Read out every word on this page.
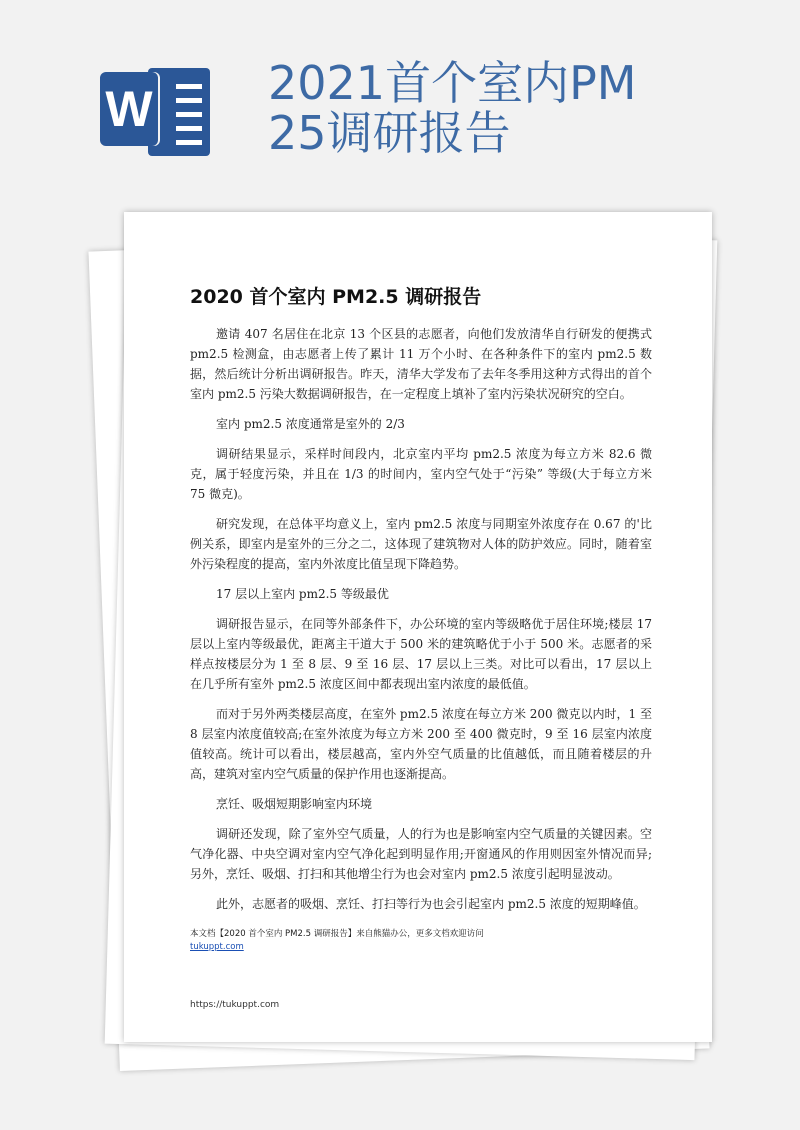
W	2021首个室内PM
25调研报告
2020 首个室内 PM2.5 调研报告

邀请 407 名居住在北京 13 个区县的志愿者，向他们发放清华自行研发的便携式 pm2.5 检测盒，由志愿者上传了累计 11 万个小时、在各种条件下的室内 pm2.5 数据，然后统计分析出调研报告。昨天，清华大学发布了去年冬季用这种方式得出的首个室内 pm2.5 污染大数据调研报告，在一定程度上填补了室内污染状况研究的空白。

室内 pm2.5 浓度通常是室外的 2/3

调研结果显示，采样时间段内，北京室内平均 pm2.5 浓度为每立方米 82.6 微克，属于轻度污染，并且在 1/3 的时间内，室内空气处于“污染” 等级(大于每立方米 75 微克)。

研究发现，在总体平均意义上，室内 pm2.5 浓度与同期室外浓度存在 0.67 的'比例关系，即室内是室外的三分之二，这体现了建筑物对人体的防护效应。同时，随着室外污染程度的提高，室内外浓度比值呈现下降趋势。

17 层以上室内 pm2.5 等级最优

调研报告显示，在同等外部条件下，办公环境的室内等级略优于居住环境;楼层 17 层以上室内等级最优，距离主干道大于 500 米的建筑略优于小于 500 米。志愿者的采样点按楼层分为 1 至 8 层、9 至 16 层、17 层以上三类。对比可以看出，17 层以上在几乎所有室外 pm2.5 浓度区间中都表现出室内浓度的最低值。

而对于另外两类楼层高度，在室外 pm2.5 浓度在每立方米 200 微克以内时，1 至 8 层室内浓度值较高;在室外浓度为每立方米 200 至 400 微克时，9 至 16 层室内浓度值较高。统计可以看出，楼层越高，室内外空气质量的比值越低，而且随着楼层的升高，建筑对室内空气质量的保护作用也逐渐提高。

烹饪、吸烟短期影响室内环境

调研还发现，除了室外空气质量，人的行为也是影响室内空气质量的关键因素。空气净化器、中央空调对室内空气净化起到明显作用;开窗通风的作用则因室外情况而异;另外，烹饪、吸烟、打扫和其他增尘行为也会对室内 pm2.5 浓度引起明显波动。

此外，志愿者的吸烟、烹饪、打扫等行为也会引起室内 pm2.5 浓度的短期峰值。

本文档【2020 首个室内 PM2.5 调研报告】来自熊猫办公，更多文档欢迎访问
tukuppt.com
https://tukuppt.com
